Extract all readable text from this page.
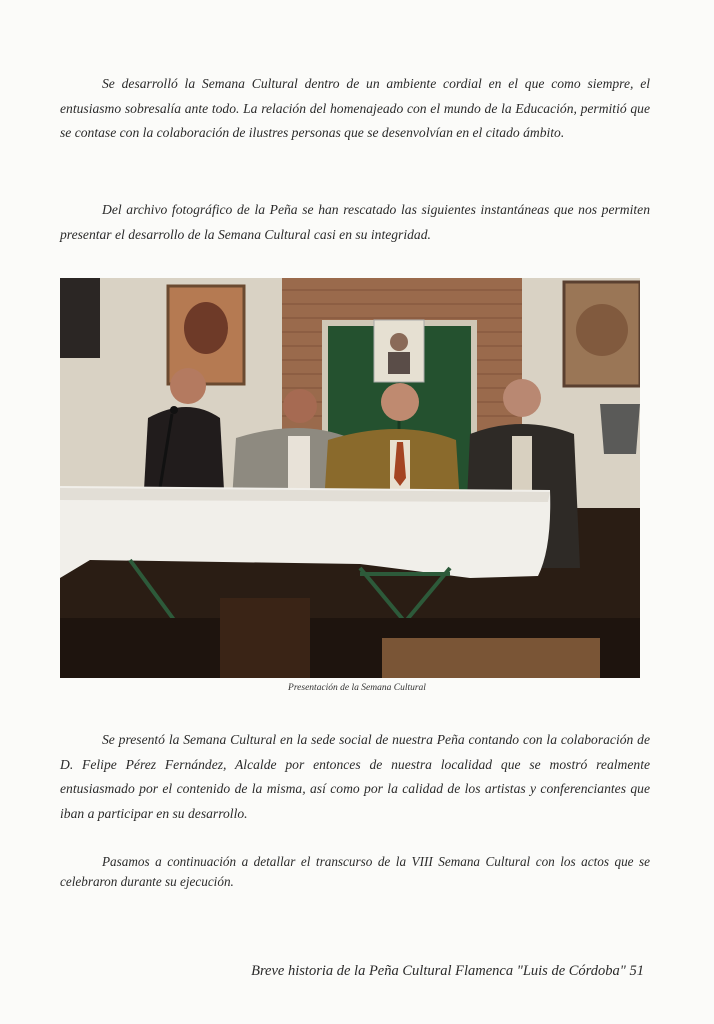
Se desarrolló la Semana Cultural dentro de un ambiente cordial en el que como siempre, el entusiasmo sobresalía ante todo. La relación del homenajeado con el mundo de la Educación, permitió que se contase con la colaboración de ilustres personas que se desenvolvían en el citado ámbito.

Del archivo fotográfico de la Peña se han rescatado las siguientes instantáneas que nos permiten presentar el desarrollo de la Semana Cultural casi en su integridad.

Presentación de la Semana Cultural

Se presentó la Semana Cultural en la sede social de nuestra Peña contando con la colaboración de D. Felipe Pérez Fernández, Alcalde por entonces de nuestra localidad que se mostró realmente entusiasmado por el contenido de la misma, así como por la calidad de los artistas y conferenciantes que iban a participar en su desarrollo.

Pasamos a continuación a detallar el transcurso de la VIII Semana Cultural con los actos que se celebraron durante su ejecución.

Breve historia de la Peña Cultural Flamenca "Luis de Córdoba" 51
